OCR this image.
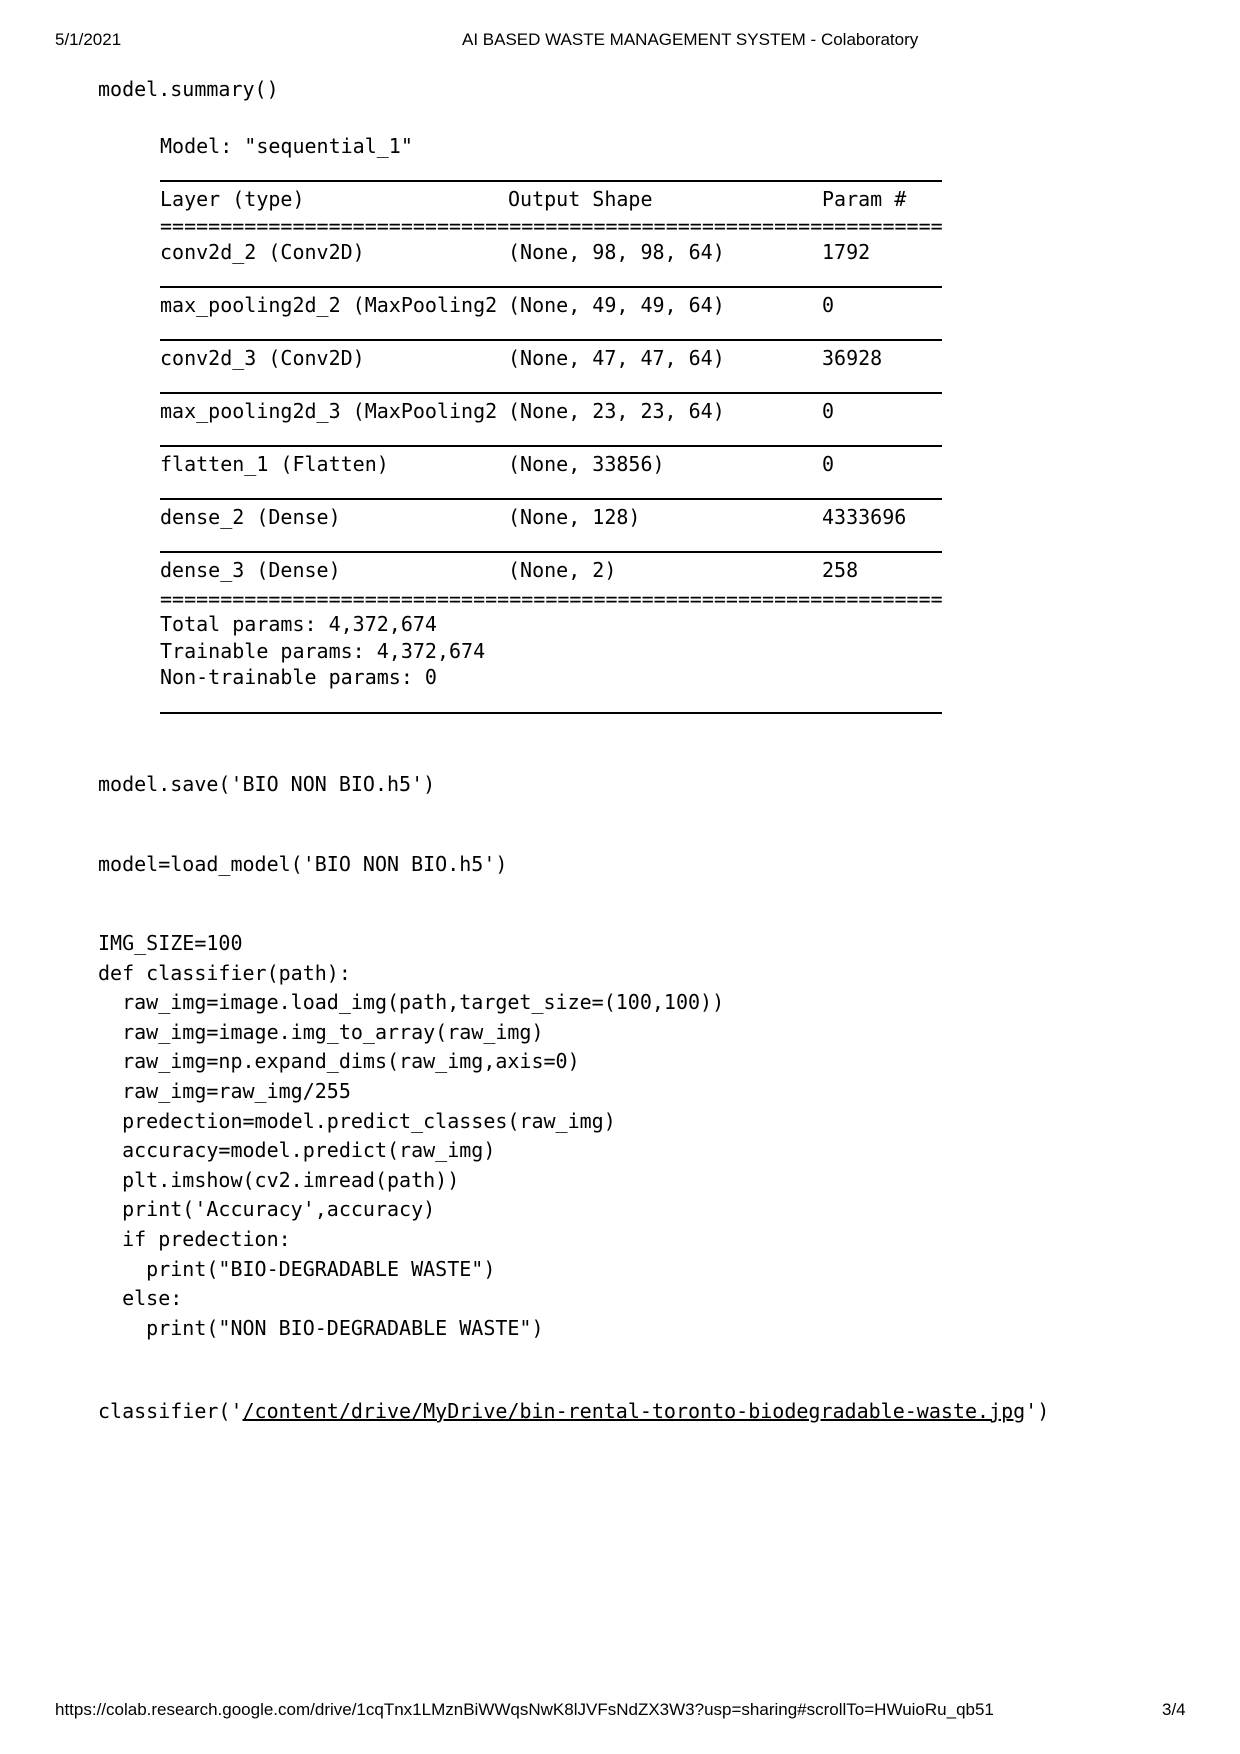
5/1/2021	AI BASED WASTE MANAGEMENT SYSTEM - Colaboratory
model.summary()
Model: "sequential_1"
Layer (type)	Output Shape	Param #
=================================================================
conv2d_2 (Conv2D)	(None, 98, 98, 64)	1792
max_pooling2d_2 (MaxPooling2 (None, 49, 49, 64)	0
conv2d_3 (Conv2D)	(None, 47, 47, 64)	36928
max_pooling2d_3 (MaxPooling2 (None, 23, 23, 64)	0
flatten_1 (Flatten)	(None, 33856)	0
dense_2 (Dense)	(None, 128)	4333696
dense_3 (Dense)	(None, 2)	258
=================================================================
Total params: 4,372,674
Trainable params: 4,372,674
Non-trainable params: 0
model.save('BIO NON BIO.h5')
model=load_model('BIO NON BIO.h5')
IMG_SIZE=100
def classifier(path):
raw_img=image.load_img(path,target_size=(100,100))
raw_img=image.img_to_array(raw_img)
raw_img=np.expand_dims(raw_img,axis=0)
raw_img=raw_img/255
predection=model.predict_classes(raw_img)
accuracy=model.predict(raw_img)
plt.imshow(cv2.imread(path))
print('Accuracy',accuracy)
if predection:
print("BIO-DEGRADABLE WASTE")
else:
print("NON BIO-DEGRADABLE WASTE")
classifier('/content/drive/MyDrive/bin-rental-toronto-biodegradable-waste.jpg')
https://colab.research.google.com/drive/1cqTnx1LMznBiWWqsNwK8lJVFsNdZX3W3?usp=sharing#scrollTo=HWuioRu_qb51	3/4
